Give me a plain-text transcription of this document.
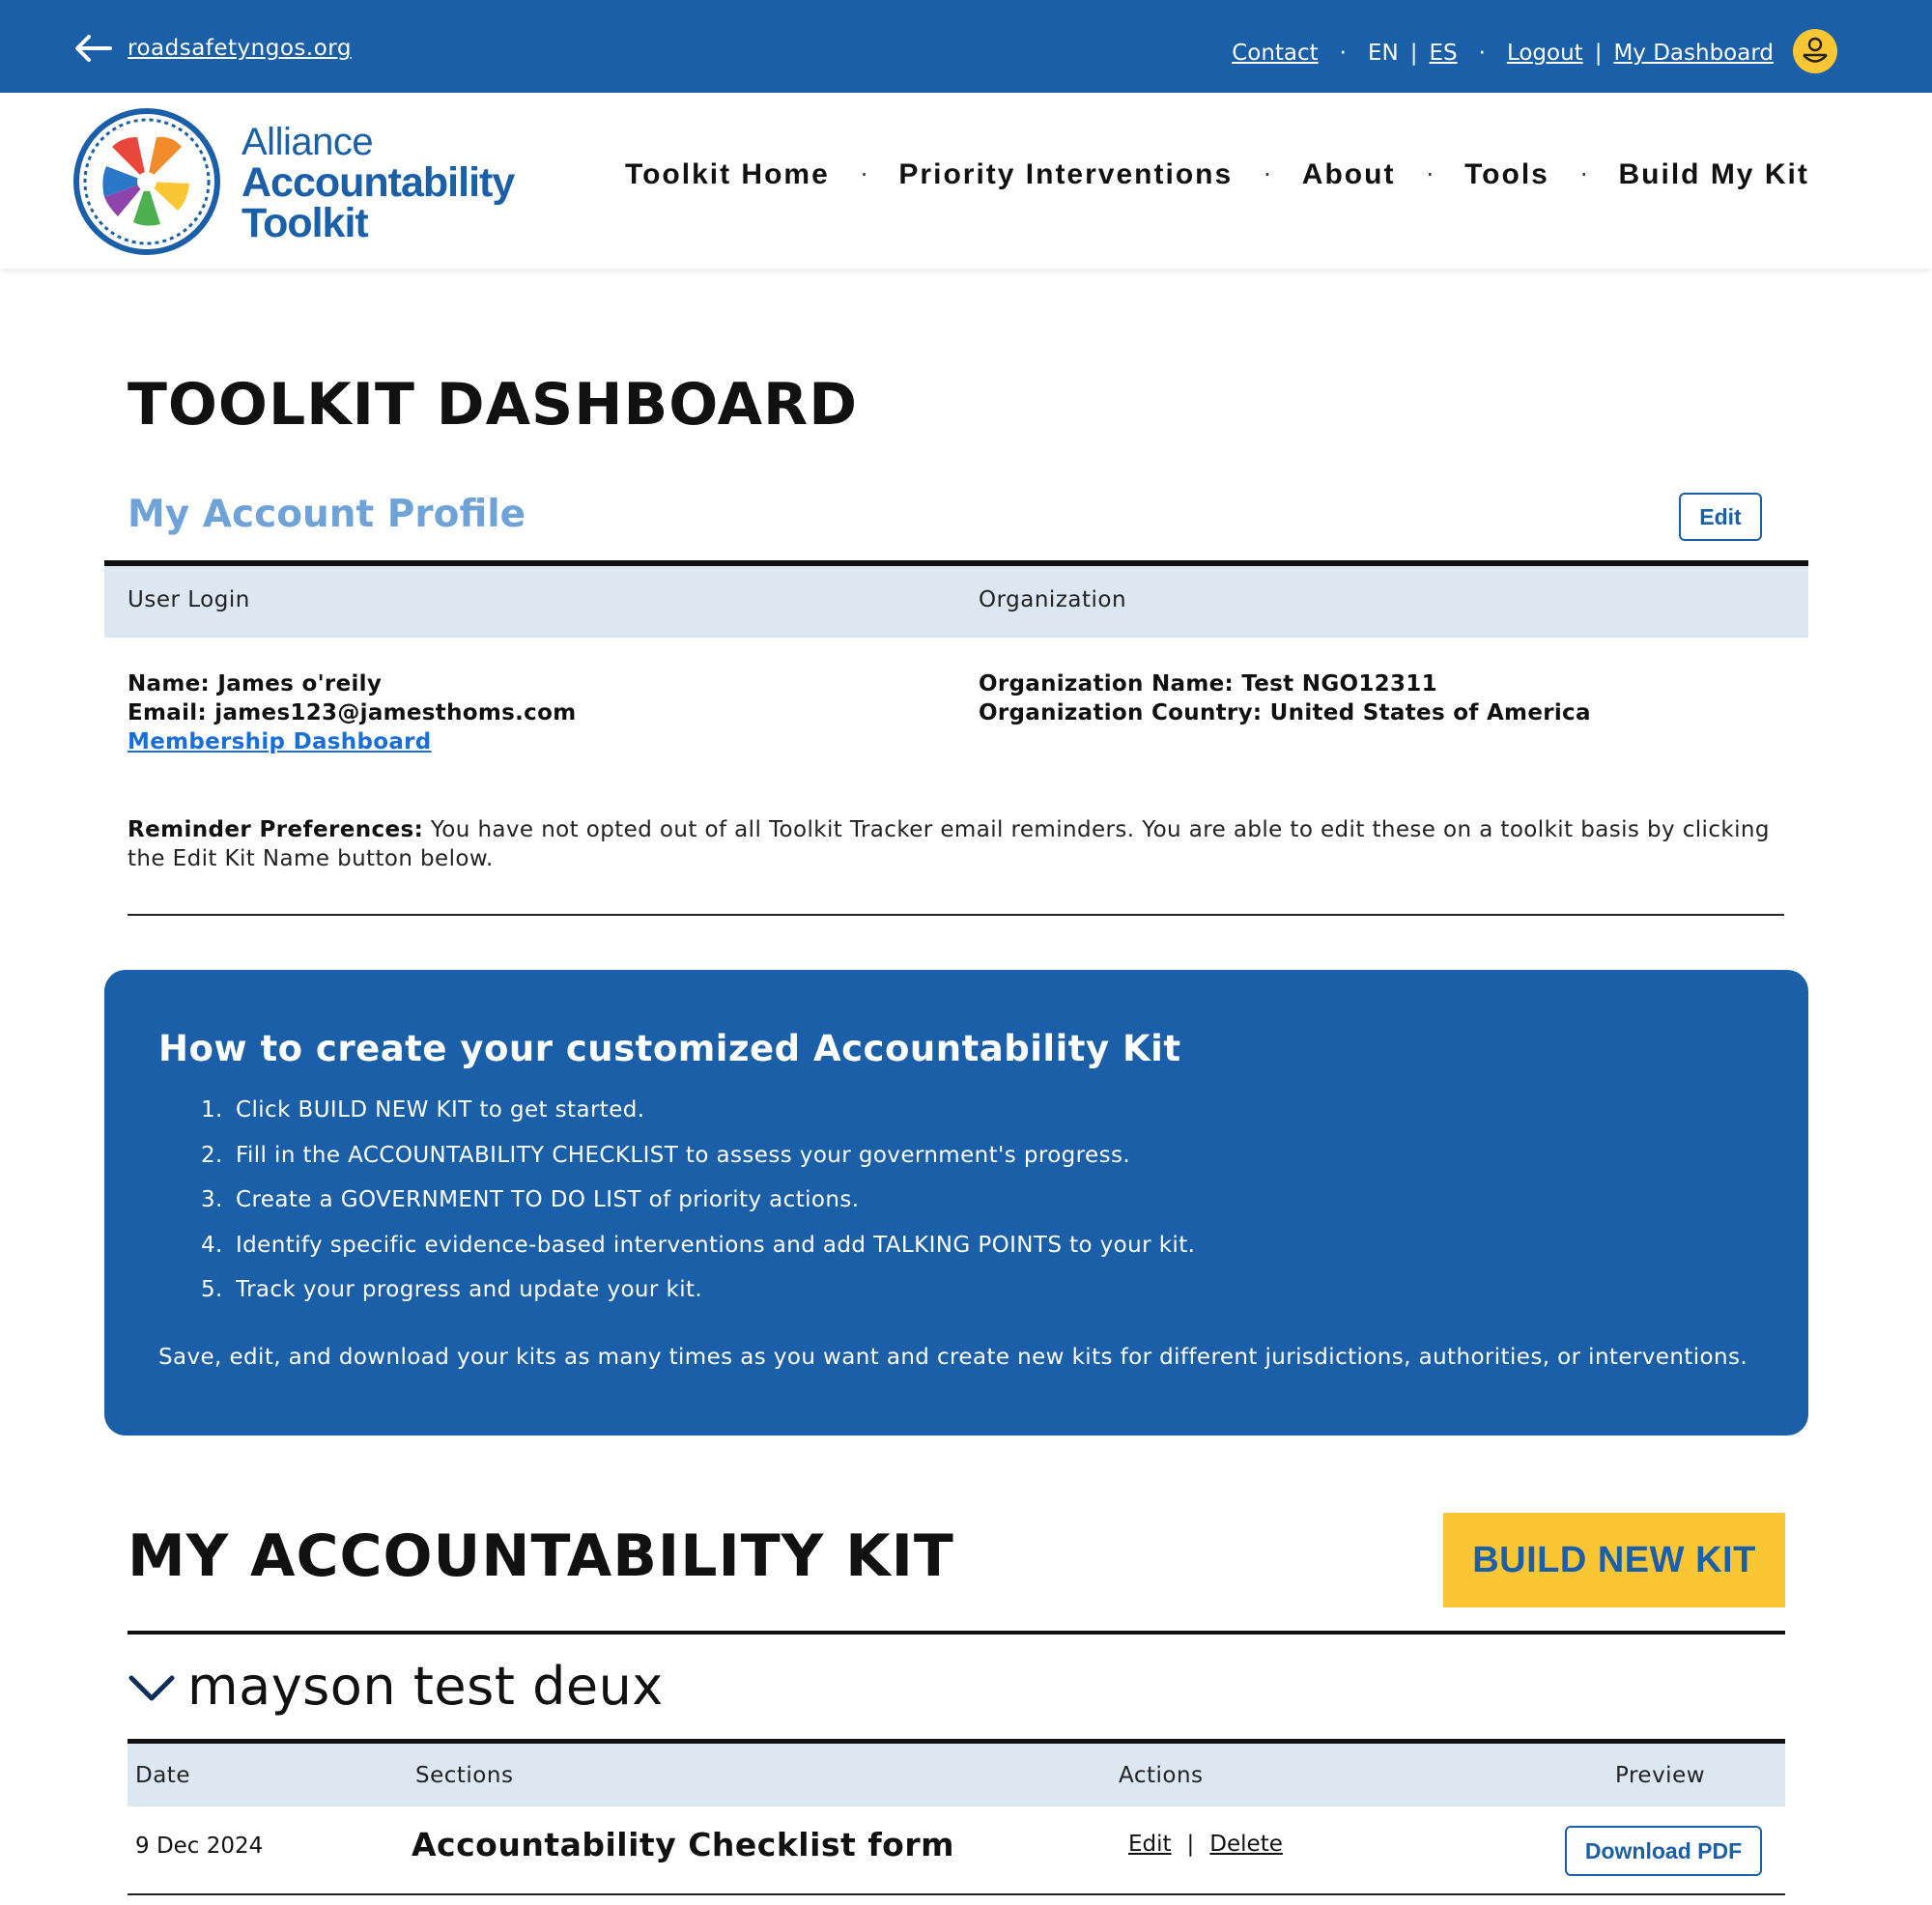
roadsafetyngos.org	Contact · EN | ES · Logout | My Dashboard
Alliance
Accountability
Toolkit
Toolkit Home · Priority Interventions · About · Tools · Build My Kit
TOOLKIT DASHBOARD
My Account Profile	Edit
User Login	Organization
Name: James o'reily
Email: james123@jamesthoms.com
Membership Dashboard
Organization Name: Test NGO12311
Organization Country: United States of America

Reminder Preferences: You have not opted out of all Toolkit Tracker email reminders. You are able to edit these on a toolkit basis by clicking the Edit Kit Name button below.

How to create your customized Accountability Kit
1. Click BUILD NEW KIT to get started.
2. Fill in the ACCOUNTABILITY CHECKLIST to assess your government's progress.
3. Create a GOVERNMENT TO DO LIST of priority actions.
4. Identify specific evidence-based interventions and add TALKING POINTS to your kit.
5. Track your progress and update your kit.

Save, edit, and download your kits as many times as you want and create new kits for different jurisdictions, authorities, or interventions.

MY ACCOUNTABILITY KIT	BUILD NEW KIT
mayson test deux
Date	Sections	Actions	Preview
9 Dec 2024	Accountability Checklist form	Edit | Delete	Download PDF
